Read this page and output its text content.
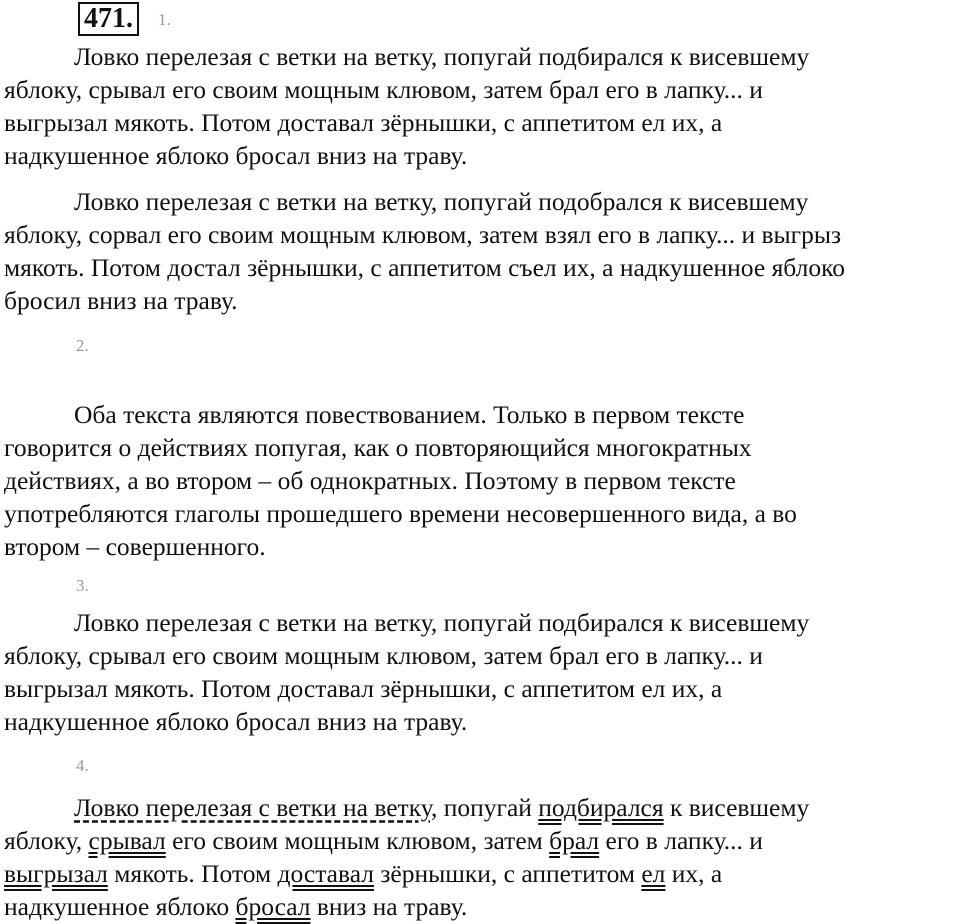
471.	1.
Ловко перелезая с ветки на ветку, попугай подбирался к висевшему
яблоку, срывал его своим мощным клювом, затем брал его в лапку... и
выгрызал мякоть. Потом доставал зёрнышки, с аппетитом ел их, а
надкушенное яблоко бросал вниз на траву.
Ловко перелезая с ветки на ветку, попугай подобрался к висевшему
яблоку, сорвал его своим мощным клювом, затем взял его в лапку... и выгрыз
мякоть. Потом достал зёрнышки, с аппетитом съел их, а надкушенное яблоко
бросил вниз на траву.
2.
Оба текста являются повествованием. Только в первом тексте
говорится о действиях попугая, как о повторяющийся многократных
действиях, а во втором – об однократных. Поэтому в первом тексте
употребляются глаголы прошедшего времени несовершенного вида, а во
втором – совершенного.
3.
Ловко перелезая с ветки на ветку, попугай подбирался к висевшему
яблоку, срывал его своим мощным клювом, затем брал его в лапку... и
выгрызал мякоть. Потом доставал зёрнышки, с аппетитом ел их, а
надкушенное яблоко бросал вниз на траву.
4.
Ловко перелезая с ветки на ветку, попугай подбирался к висевшему
яблоку, срывал его своим мощным клювом, затем брал его в лапку... и
выгрызал мякоть. Потом доставал зёрнышки, с аппетитом ел их, а
надкушенное яблоко бросал вниз на траву.
